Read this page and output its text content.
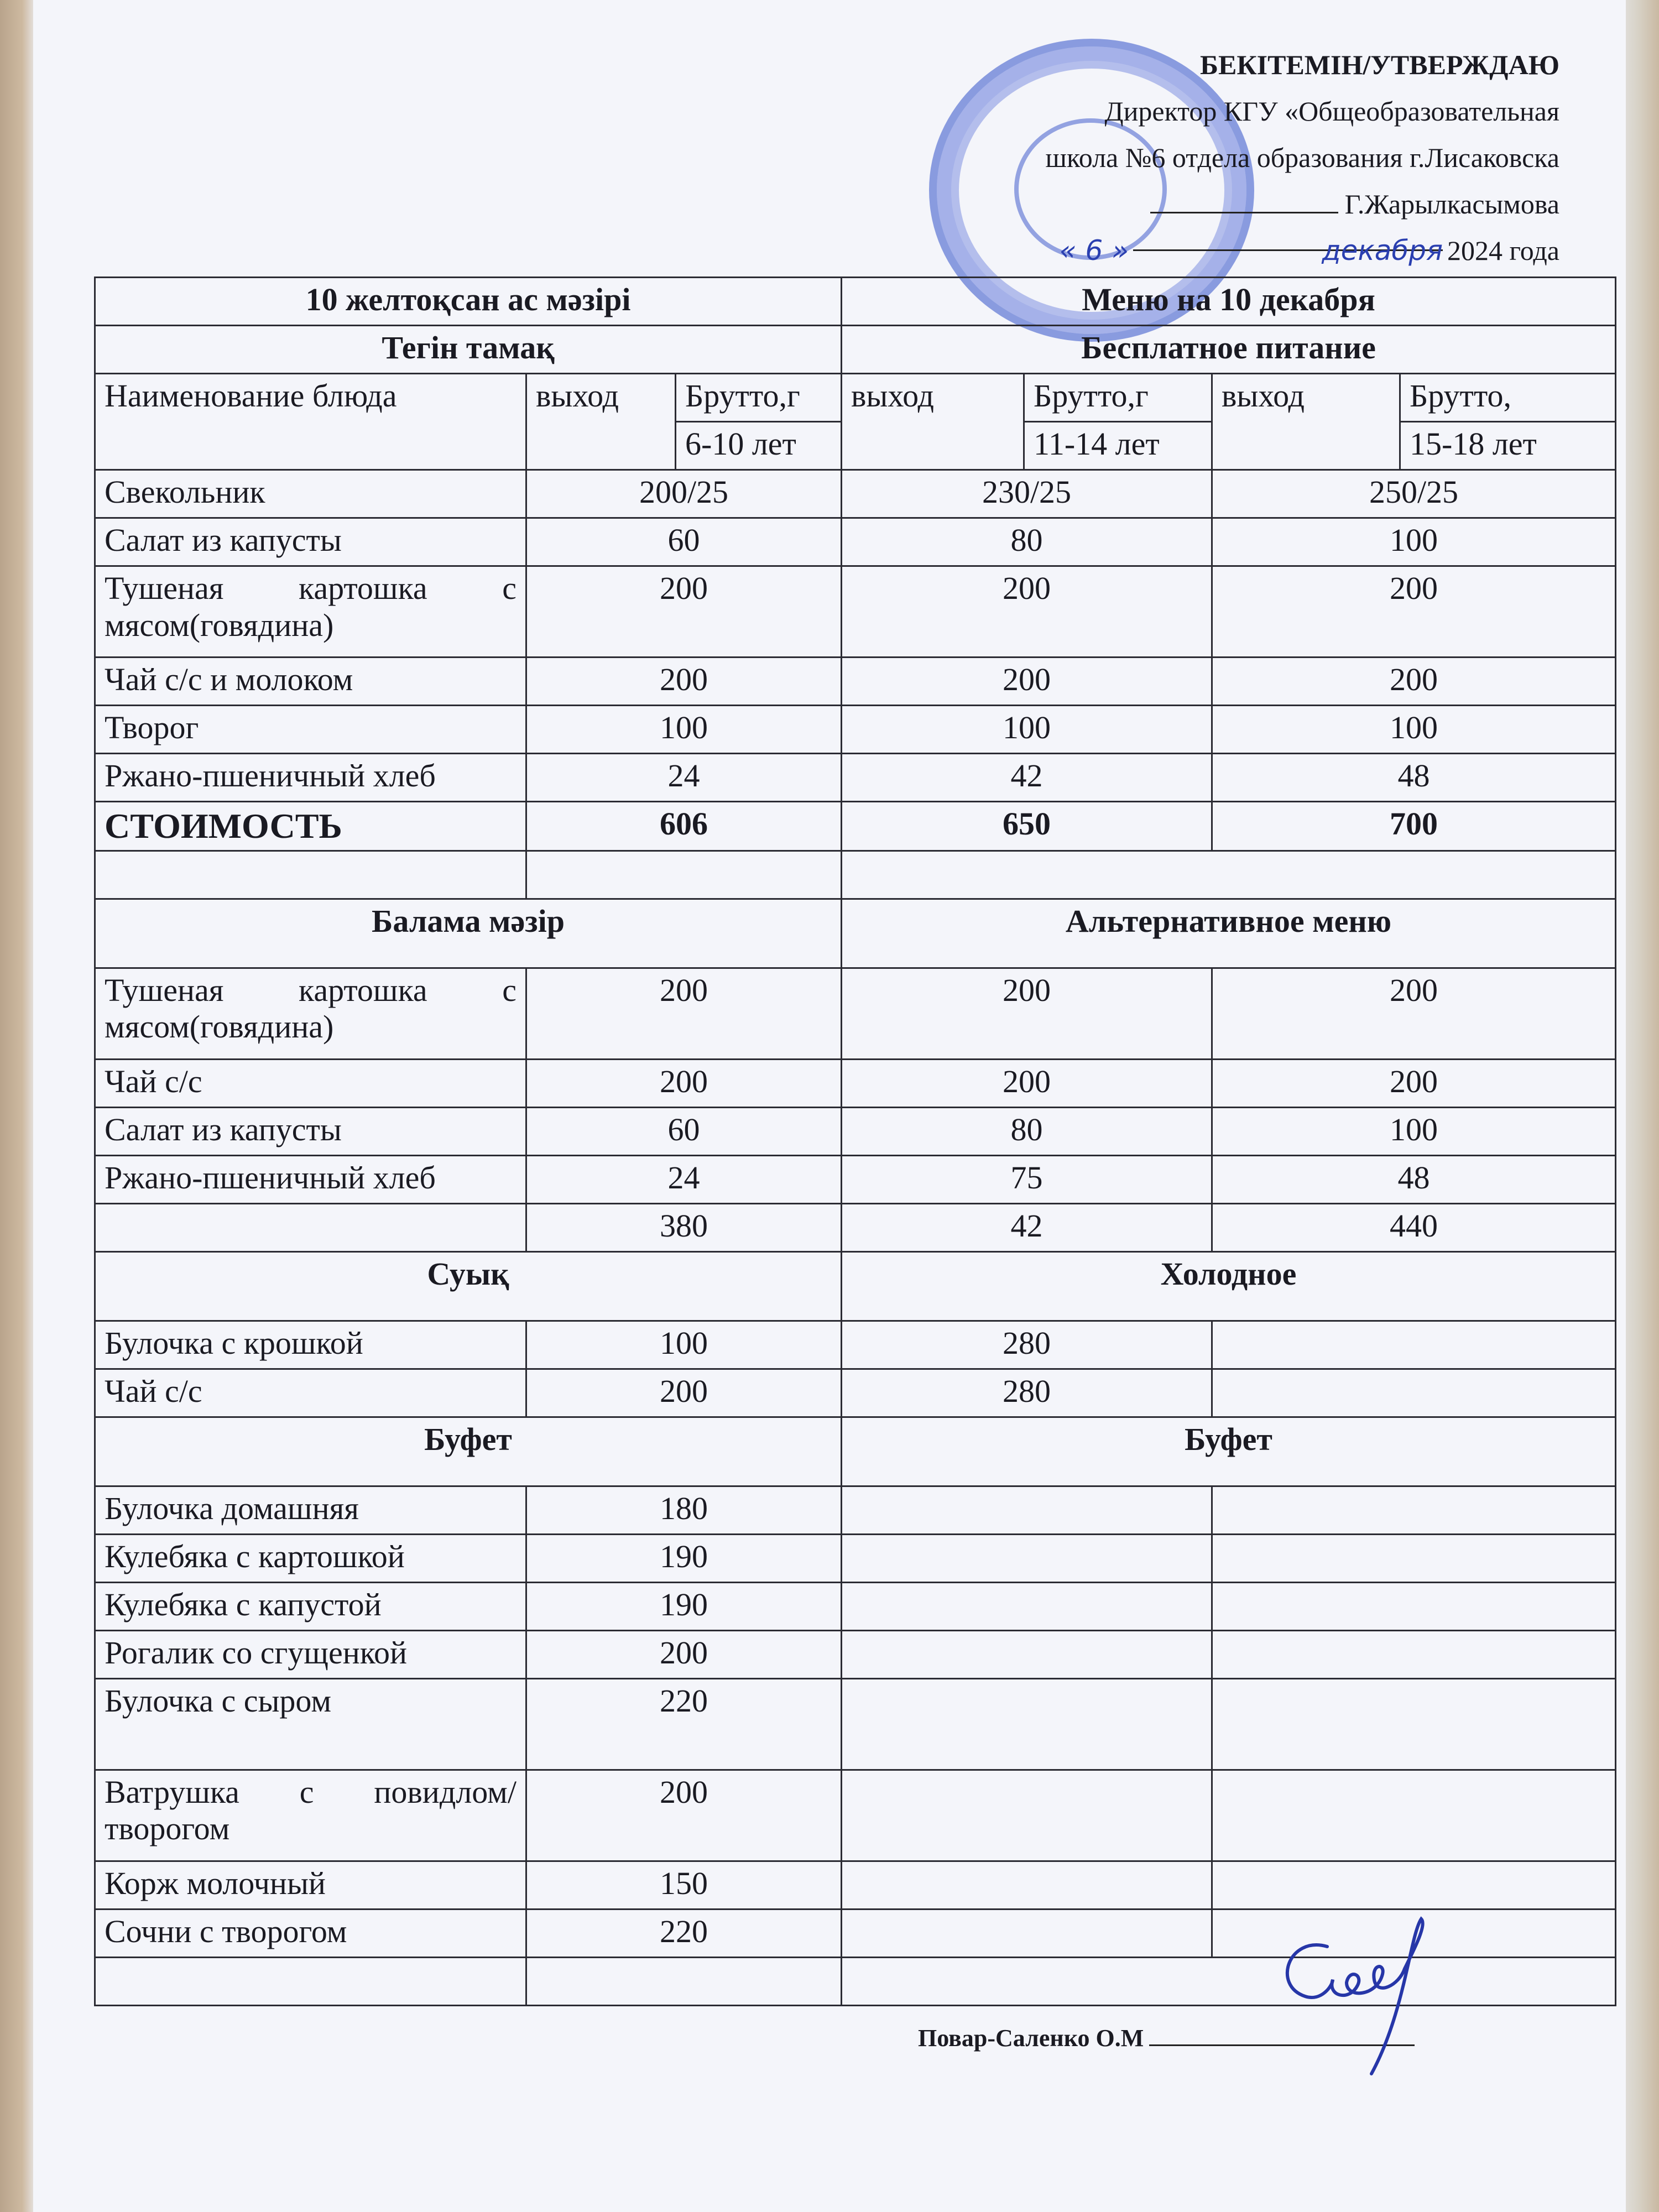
БЕКІТЕМІН/УТВЕРЖДАЮ
Директор КГУ «Общеобразовательная
школа №6 отдела образования г.Лисаковска
Г.Жарылкасымова
« 6 »	декабря 2024 года
10 желтоқсан ас мәзірі			Меню на 10 декабря			
Тегін тамақ			Бесплатное питание			
Наименование блюда	выход	Брутто,г	выход	Брутто,г	выход	Брутто,
		6-10 лет		11-14 лет		15-18 лет
Свекольник	200/25		230/25		250/25	
Салат из капусты	60		80		100	
Тушеная картошка с мясом(говядина)	200		200		200	
Чай с/с и молоком	200		200		200	
Творог	100		100		100	
Ржано-пшеничный хлеб	24		42		48	
СТОИМОСТЬ	606		650		700	

Балама мәзір			Альтернативное меню			
Тушеная картошка с мясом(говядина)	200		200		200	
Чай с/с	200		200		200	
Салат из капусты	60		80		100	
Ржано-пшеничный хлеб	24		75		48	
	380		42		440	
Суық			Холодное			
Булочка с крошкой	100		280			
Чай с/с	200		280			
Буфет			Буфет			
Булочка домашняя	180					
Кулебяка с картошкой	190					
Кулебяка с капустой	190					
Рогалик со сгущенкой	200					
Булочка с сыром	220					
Ватрушка с повидлом/творогом	200					
Корж молочный	150					
Сочни с творогом	220					

Повар-Саленко О.М
